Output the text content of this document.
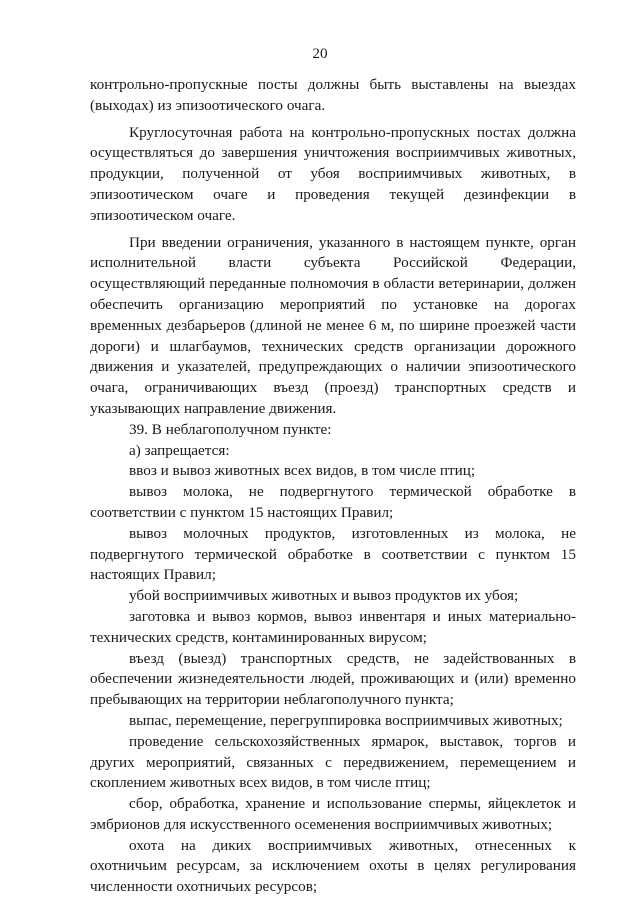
20

контрольно-пропускные посты должны быть выставлены на выездах (выходах) из эпизоотического очага.

Круглосуточная работа на контрольно-пропускных постах должна осуществляться до завершения уничтожения восприимчивых животных, продукции, полученной от убоя восприимчивых животных, в эпизоотическом очаге и проведения текущей дезинфекции в эпизоотическом очаге.

При введении ограничения, указанного в настоящем пункте, орган исполнительной власти субъекта Российской Федерации, осуществляющий переданные полномочия в области ветеринарии, должен обеспечить организацию мероприятий по установке на дорогах временных дезбарьеров (длиной не менее 6 м, по ширине проезжей части дороги) и шлагбаумов, технических средств организации дорожного движения и указателей, предупреждающих о наличии эпизоотического очага, ограничивающих въезд (проезд) транспортных средств и указывающих направление движения.

39. В неблагополучном пункте:

а) запрещается:

ввоз и вывоз животных всех видов, в том числе птиц;

вывоз молока, не подвергнутого термической обработке в соответствии с пунктом 15 настоящих Правил;

вывоз молочных продуктов, изготовленных из молока, не подвергнутого термической обработке в соответствии с пунктом 15 настоящих Правил;

убой восприимчивых животных и вывоз продуктов их убоя;

заготовка и вывоз кормов, вывоз инвентаря и иных материально-технических средств, контаминированных вирусом;

въезд (выезд) транспортных средств, не задействованных в обеспечении жизнедеятельности людей, проживающих и (или) временно пребывающих на территории неблагополучного пункта;

выпас, перемещение, перегруппировка восприимчивых животных;

проведение сельскохозяйственных ярмарок, выставок, торгов и других мероприятий, связанных с передвижением, перемещением и скоплением животных всех видов, в том числе птиц;

сбор, обработка, хранение и использование спермы, яйцеклеток и эмбрионов для искусственного осеменения восприимчивых животных;

охота на диких восприимчивых животных, отнесенных к охотничьим ресурсам, за исключением охоты в целях регулирования численности охотничьих ресурсов;
